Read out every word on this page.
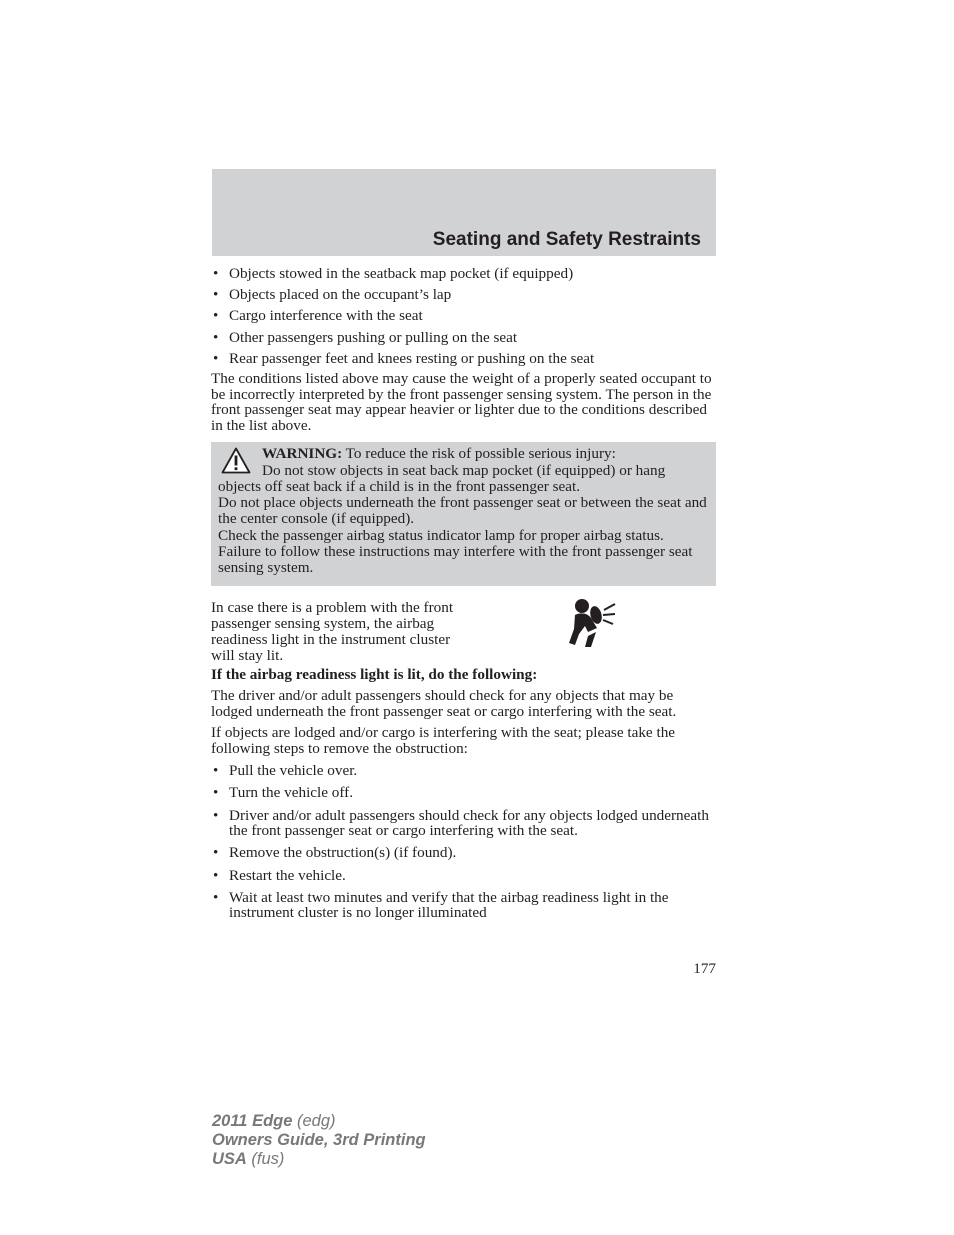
Seating and Safety Restraints
• Objects stowed in the seatback map pocket (if equipped)
• Objects placed on the occupant’s lap
• Cargo interference with the seat
• Other passengers pushing or pulling on the seat
• Rear passenger feet and knees resting or pushing on the seat

The conditions listed above may cause the weight of a properly seated occupant to be incorrectly interpreted by the front passenger sensing system. The person in the front passenger seat may appear heavier or lighter due to the conditions described in the list above.

WARNING: To reduce the risk of possible serious injury:

Do not stow objects in seat back map pocket (if equipped) or hang objects off seat back if a child is in the front passenger seat.

Do not place objects underneath the front passenger seat or between the seat and the center console (if equipped).

Check the passenger airbag status indicator lamp for proper airbag status.

Failure to follow these instructions may interfere with the front passenger seat sensing system.

In case there is a problem with the front passenger sensing system, the airbag readiness light in the instrument cluster will stay lit.

If the airbag readiness light is lit, do the following:

The driver and/or adult passengers should check for any objects that may be lodged underneath the front passenger seat or cargo interfering with the seat.

If objects are lodged and/or cargo is interfering with the seat; please take the following steps to remove the obstruction:

• Pull the vehicle over.
• Turn the vehicle off.
• Driver and/or adult passengers should check for any objects lodged underneath the front passenger seat or cargo interfering with the seat.
• Remove the obstruction(s) (if found).
• Restart the vehicle.
• Wait at least two minutes and verify that the airbag readiness light in the instrument cluster is no longer illuminated
177
2011 Edge (edg)
Owners Guide, 3rd Printing
USA (fus)
